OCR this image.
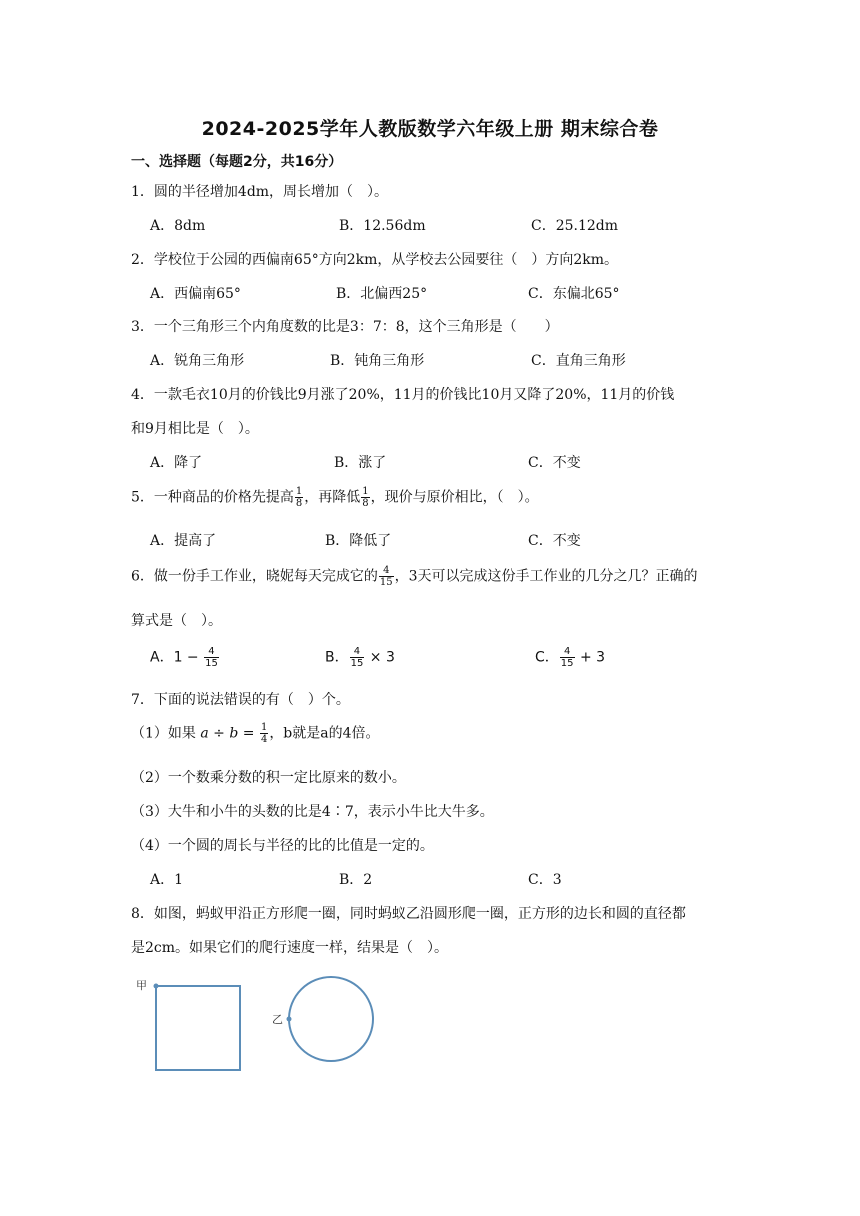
2024-2025学年人教版数学六年级上册 期末综合卷
一、选择题（每题2分，共16分）
1．圆的半径增加4dm，周长增加（　）。
A．8dm	B．12.56dm	C．25.12dm
2．学校位于公园的西偏南65°方向2km，从学校去公园要往（　）方向2km。
A．西偏南65°	B．北偏西25°	C．东偏北65°
3．一个三角形三个内角度数的比是3：7：8，这个三角形是（　　）
A．锐角三角形	B．钝角三角形	C．直角三角形
4．一款毛衣10月的价钱比9月涨了20%，11月的价钱比10月又降了20%，11月的价钱
和9月相比是（　）。
A．降了	B．涨了	C．不变
5．一种商品的价格先提高 $\frac{1}{8}$ ，再降低 $\frac{1}{8}$ ，现价与原价相比，（　）。
A．提高了	B．降低了	C．不变
6．做一份手工作业，晓妮每天完成它的 $\frac{4}{15}$ ，3天可以完成这份手工作业的几分之几？正确的
算式是（　）。
A．$1 - \frac{4}{15}$	B． $\frac{4}{15} \times 3$	C． $\frac{4}{15} + 3$
7．下面的说法错误的有（　）个。
（1）如果 $a \div b = \frac{1}{4}$ ，b就是a的4倍。
（2）一个数乘分数的积一定比原来的数小。
（3）大牛和小牛的头数的比是4∶7，表示小牛比大牛多。
（4）一个圆的周长与半径的比的比值是一定的。
A．1	B．2	C．3
8．如图，蚂蚁甲沿正方形爬一圈，同时蚂蚁乙沿圆形爬一圈，正方形的边长和圆的直径都
是2cm。如果它们的爬行速度一样，结果是（　）。
甲
乙
